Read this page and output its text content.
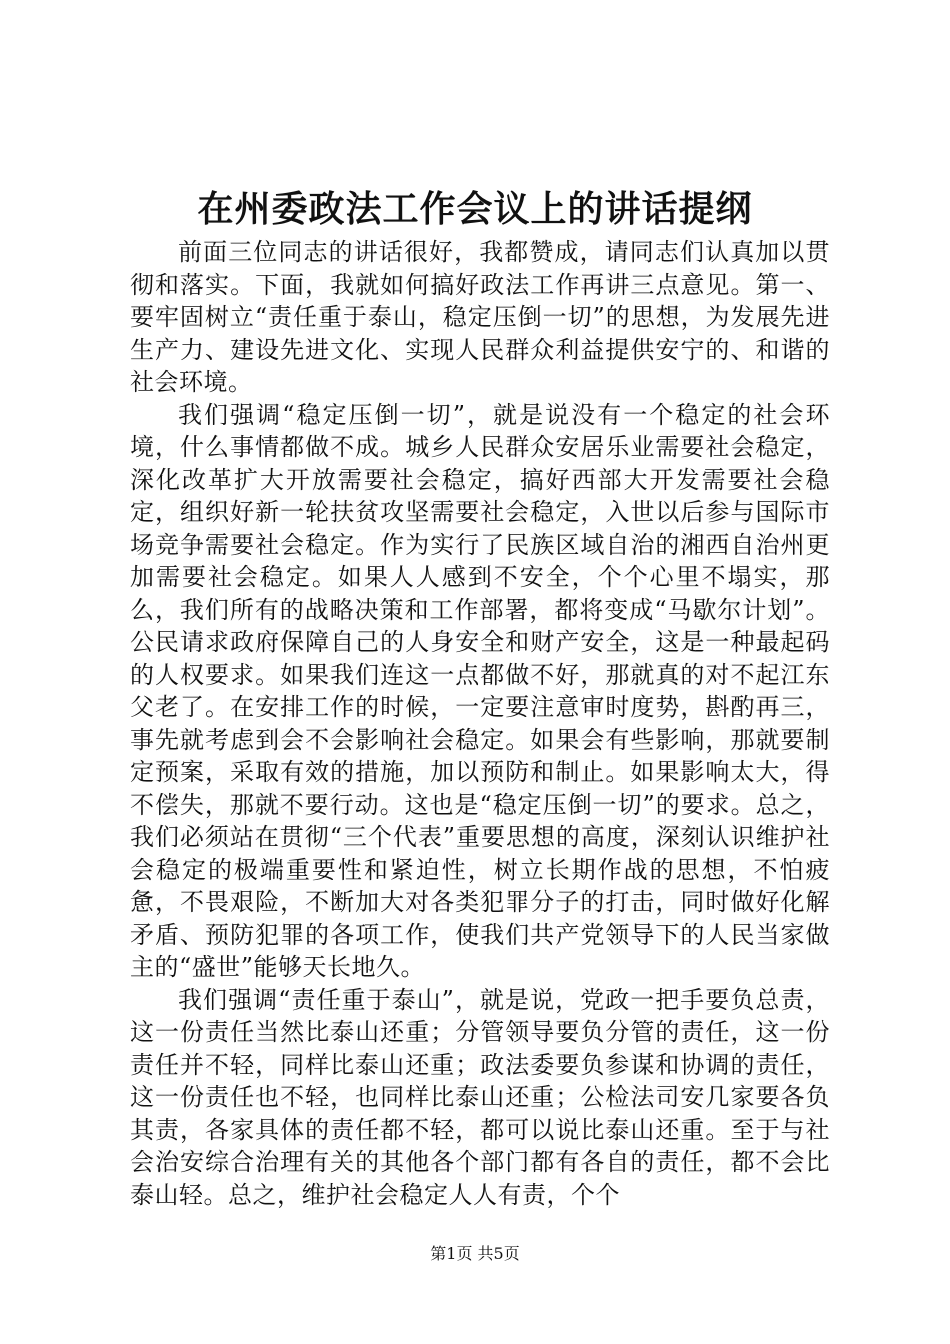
在州委政法工作会议上的讲话提纲

前面三位同志的讲话很好，我都赞成，请同志们认真加以贯彻和落实。下面，我就如何搞好政法工作再讲三点意见。第一、要牢固树立“责任重于泰山，稳定压倒一切”的思想，为发展先进生产力、建设先进文化、实现人民群众利益提供安宁的、和谐的社会环境。

我们强调“稳定压倒一切”，就是说没有一个稳定的社会环境，什么事情都做不成。城乡人民群众安居乐业需要社会稳定，深化改革扩大开放需要社会稳定，搞好西部大开发需要社会稳定，组织好新一轮扶贫攻坚需要社会稳定，入世以后参与国际市场竞争需要社会稳定。作为实行了民族区域自治的湘西自治州更加需要社会稳定。如果人人感到不安全，个个心里不塌实，那么，我们所有的战略决策和工作部署，都将变成“马歇尔计划”。公民请求政府保障自己的人身安全和财产安全，这是一种最起码的人权要求。如果我们连这一点都做不好，那就真的对不起江东父老了。在安排工作的时候，一定要注意审时度势，斟酌再三，事先就考虑到会不会影响社会稳定。如果会有些影响，那就要制定预案，采取有效的措施，加以预防和制止。如果影响太大，得不偿失，那就不要行动。这也是“稳定压倒一切”的要求。总之，我们必须站在贯彻“三个代表”重要思想的高度，深刻认识维护社会稳定的极端重要性和紧迫性，树立长期作战的思想，不怕疲惫，不畏艰险，不断加大对各类犯罪分子的打击，同时做好化解矛盾、预防犯罪的各项工作，使我们共产党领导下的人民当家做主的“盛世”能够天长地久。

我们强调“责任重于泰山”，就是说，党政一把手要负总责，这一份责任当然比泰山还重；分管领导要负分管的责任，这一份责任并不轻，同样比泰山还重；政法委要负参谋和协调的责任，这一份责任也不轻，也同样比泰山还重；公检法司安几家要各负其责，各家具体的责任都不轻，都可以说比泰山还重。至于与社会治安综合治理有关的其他各个部门都有各自的责任，都不会比泰山轻。总之，维护社会稳定人人有责，个个

第1页 共5页
